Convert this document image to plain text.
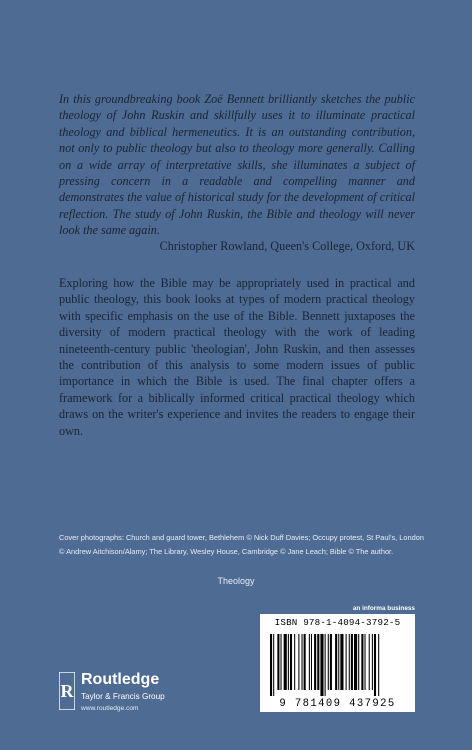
In this groundbreaking book Zoë Bennett brilliantly sketches the public theology of John Ruskin and skillfully uses it to illuminate practical theology and biblical hermeneutics. It is an outstanding contribution, not only to public theology but also to theology more generally. Calling on a wide array of interpretative skills, she illuminates a subject of pressing concern in a readable and compelling manner and demonstrates the value of historical study for the development of critical reflection. The study of John Ruskin, the Bible and theology will never look the same again.
Christopher Rowland, Queen's College, Oxford, UK
Exploring how the Bible may be appropriately used in practical and public theology, this book looks at types of modern practical theology with specific emphasis on the use of the Bible. Bennett juxtaposes the diversity of modern practical theology with the work of leading nineteenth-century public 'theologian', John Ruskin, and then assesses the contribution of this analysis to some modern issues of public importance in which the Bible is used. The final chapter offers a framework for a biblically informed critical practical theology which draws on the writer's experience and invites the readers to engage their own.
Cover photographs: Church and guard tower, Bethlehem © Nick Duff Davies; Occupy protest, St Paul's, London © Andrew Aitchison/Alamy; The Library, Wesley House, Cambridge © Jane Leach; Bible © The author.
Theology
an informa business
ISBN 978-1-4094-3792-5
9 781409 437925
R
Routledge
Taylor & Francis Group
www.routledge.com
